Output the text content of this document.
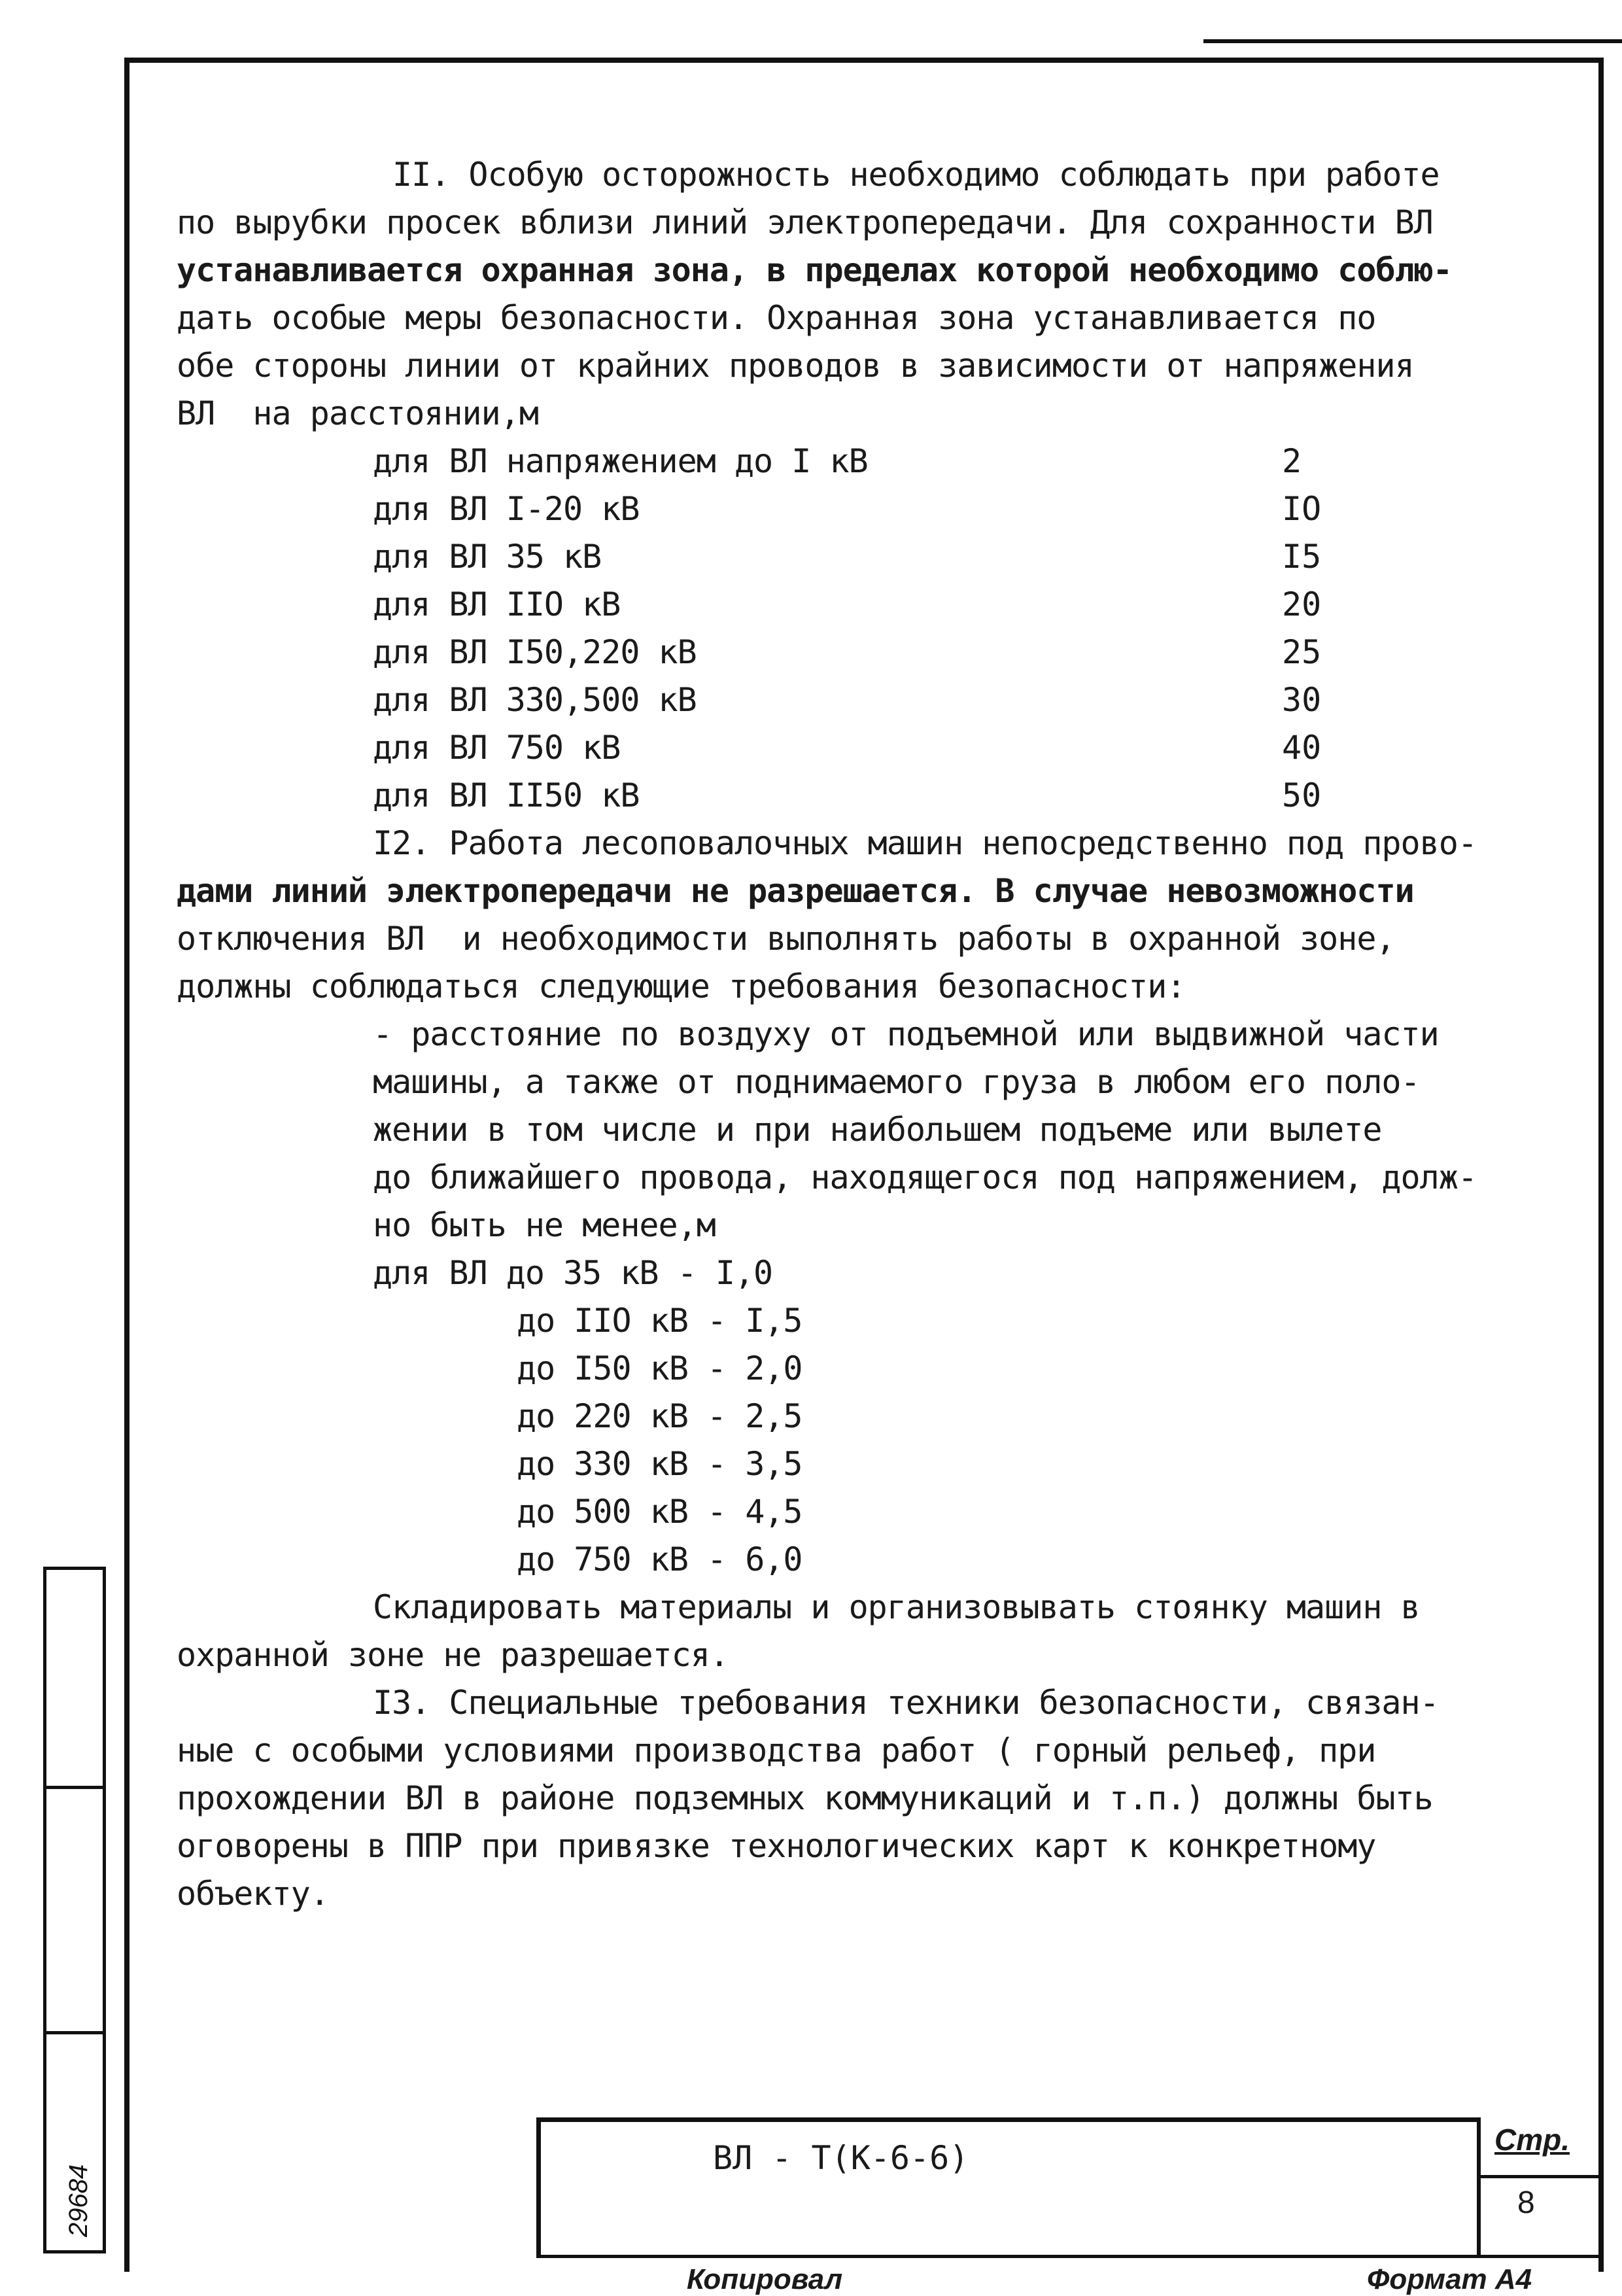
II. Особую осторожность необходимо соблюдать при работе
по вырубки просек вблизи линий электропередачи. Для сохранности ВЛ
устанавливается охранная зона, в пределах которой необходимо соблю-
дать особые меры безопасности. Охранная зона устанавливается по
обе стороны линии от крайних проводов в зависимости от напряжения
ВЛ  на расстоянии,м
для ВЛ напряжением до I кВ	2
для ВЛ I-20 кВ	IO
для ВЛ 35 кВ	I5
для ВЛ IIO кВ	20
для ВЛ I50,220 кВ	25
для ВЛ 330,500 кВ	30
для ВЛ 750 кВ	40
для ВЛ II50 кВ	50
I2. Работа лесоповалочных машин непосредственно под прово-
дами линий электропередачи не разрешается. В случае невозможности
отключения ВЛ  и необходимости выполнять работы в охранной зоне,
должны соблюдаться следующие требования безопасности:
- расстояние по воздуху от подъемной или выдвижной части
машины, а также от поднимаемого груза в любом его поло-
жении в том числе и при наибольшем подъеме или вылете
до ближайшего провода, находящегося под напряжением, долж-
но быть не менее,м
для ВЛ до 35 кВ - I,0
до IIO кВ - I,5
до I50 кВ - 2,0
до 220 кВ - 2,5
до 330 кВ - 3,5
до 500 кВ - 4,5
до 750 кВ - 6,0
Складировать материалы и организовывать стоянку машин в
охранной зоне не разрешается.
I3. Специальные требования техники безопасности, связан-
ные с особыми условиями производства работ ( горный рельеф, при
прохождении ВЛ в районе подземных коммуникаций и т.п.) должны быть
оговорены в ППР при привязке технологических карт к конкретному
объекту.
29684
ВЛ - Т(К-6-6)	Стр.
8
Копировал	Формат А4
